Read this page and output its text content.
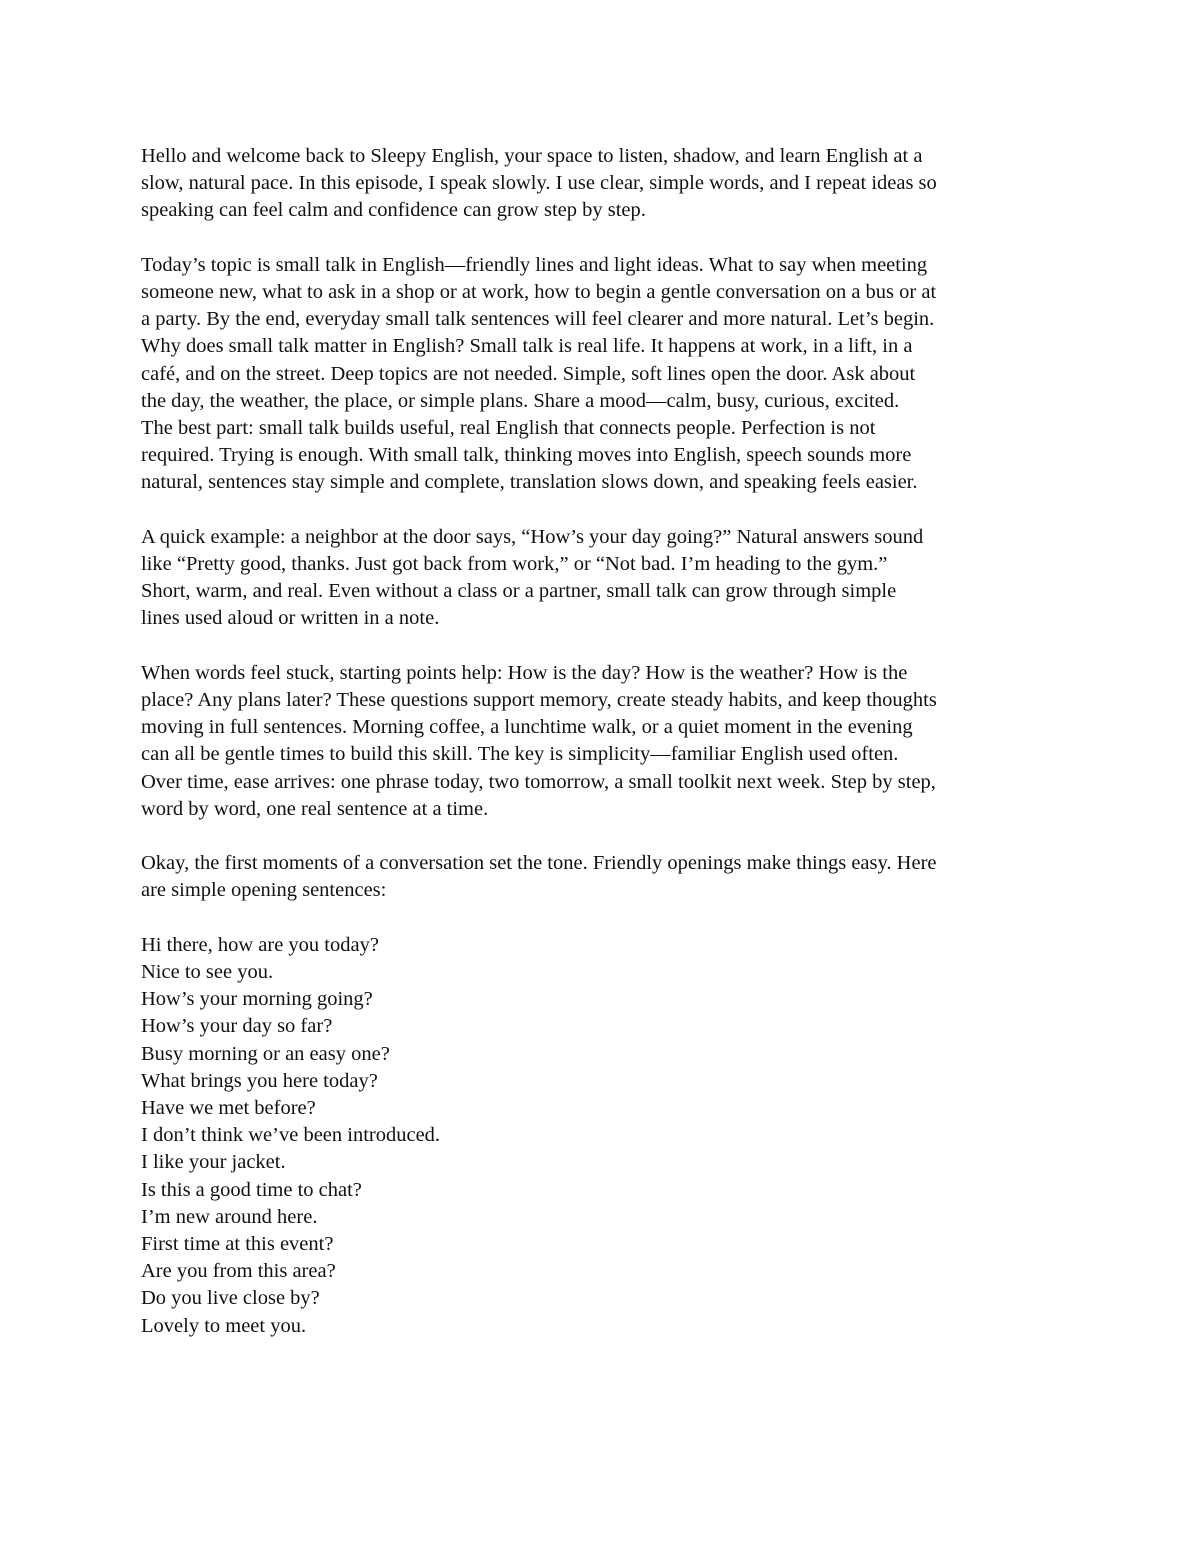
Hello and welcome back to Sleepy English, your space to listen, shadow, and learn English at a
slow, natural pace. In this episode, I speak slowly. I use clear, simple words, and I repeat ideas so
speaking can feel calm and confidence can grow step by step.

Today’s topic is small talk in English—friendly lines and light ideas. What to say when meeting
someone new, what to ask in a shop or at work, how to begin a gentle conversation on a bus or at
a party. By the end, everyday small talk sentences will feel clearer and more natural. Let’s begin.
Why does small talk matter in English? Small talk is real life. It happens at work, in a lift, in a
café, and on the street. Deep topics are not needed. Simple, soft lines open the door. Ask about
the day, the weather, the place, or simple plans. Share a mood—calm, busy, curious, excited.
The best part: small talk builds useful, real English that connects people. Perfection is not
required. Trying is enough. With small talk, thinking moves into English, speech sounds more
natural, sentences stay simple and complete, translation slows down, and speaking feels easier.

A quick example: a neighbor at the door says, “How’s your day going?” Natural answers sound
like “Pretty good, thanks. Just got back from work,” or “Not bad. I’m heading to the gym.”
Short, warm, and real. Even without a class or a partner, small talk can grow through simple
lines used aloud or written in a note.

When words feel stuck, starting points help: How is the day? How is the weather? How is the
place? Any plans later? These questions support memory, create steady habits, and keep thoughts
moving in full sentences. Morning coffee, a lunchtime walk, or a quiet moment in the evening
can all be gentle times to build this skill. The key is simplicity—familiar English used often.
Over time, ease arrives: one phrase today, two tomorrow, a small toolkit next week. Step by step,
word by word, one real sentence at a time.

Okay, the first moments of a conversation set the tone. Friendly openings make things easy. Here
are simple opening sentences:

Hi there, how are you today?
Nice to see you.
How’s your morning going?
How’s your day so far?
Busy morning or an easy one?
What brings you here today?
Have we met before?
I don’t think we’ve been introduced.
I like your jacket.
Is this a good time to chat?
I’m new around here.
First time at this event?
Are you from this area?
Do you live close by?
Lovely to meet you.
